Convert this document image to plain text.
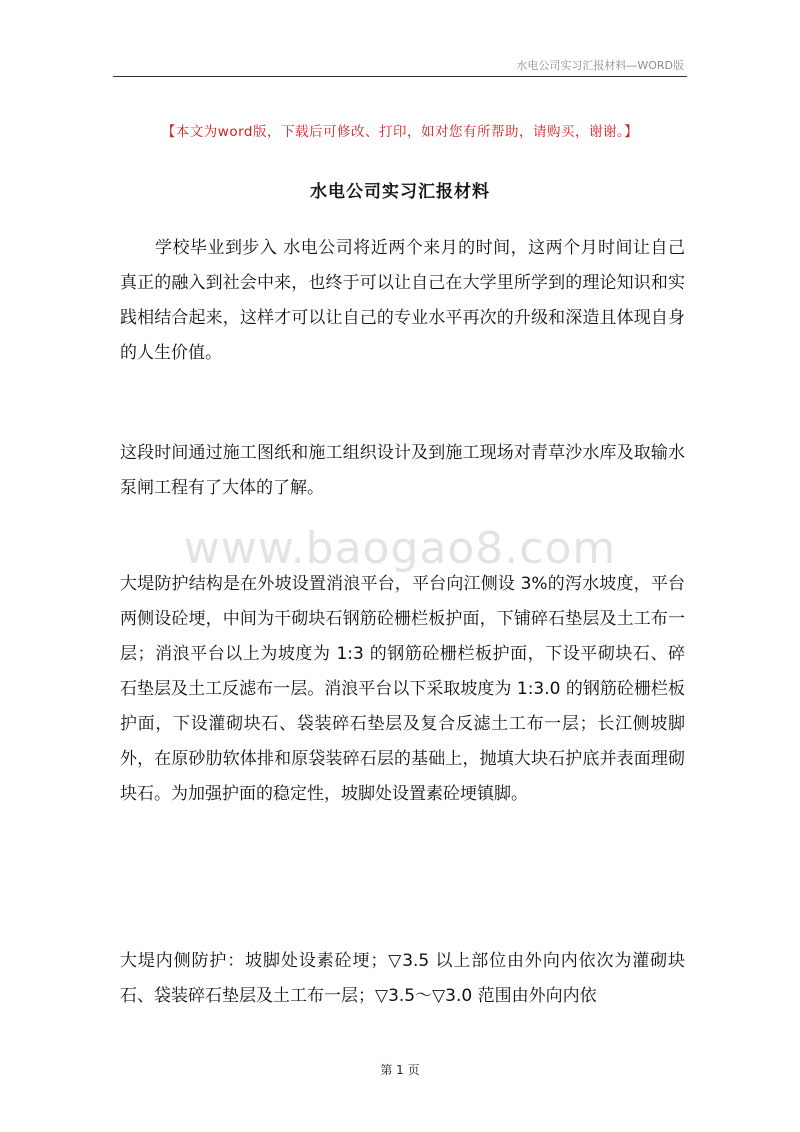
水电公司实习汇报材料—WORD版
【本文为word版，下载后可修改、打印，如对您有所帮助，请购买，谢谢。】
水电公司实习汇报材料

学校毕业到步入 水电公司将近两个来月的时间，这两个月时间让自己真正的融入到社会中来，也终于可以让自己在大学里所学到的理论知识和实践相结合起来，这样才可以让自己的专业水平再次的升级和深造且体现自身的人生价值。

这段时间通过施工图纸和施工组织设计及到施工现场对青草沙水库及取输水泵闸工程有了大体的了解。

www.baogao8.com

大堤防护结构是在外坡设置消浪平台，平台向江侧设 3%的泻水坡度，平台两侧设砼埂，中间为干砌块石钢筋砼栅栏板护面，下铺碎石垫层及土工布一层；消浪平台以上为坡度为 1:3 的钢筋砼栅栏板护面，下设平砌块石、碎石垫层及土工反滤布一层。消浪平台以下采取坡度为 1:3.0 的钢筋砼栅栏板护面，下设灌砌块石、袋装碎石垫层及复合反滤土工布一层；长江侧坡脚外，在原砂肋软体排和原袋装碎石层的基础上，抛填大块石护底并表面理砌块石。为加强护面的稳定性，坡脚处设置素砼埂镇脚。

大堤内侧防护：坡脚处设素砼埂；▽3.5 以上部位由外向内依次为灌砌块石、袋装碎石垫层及土工布一层；▽3.5～▽3.0 范围由外向内依

第 1 页
